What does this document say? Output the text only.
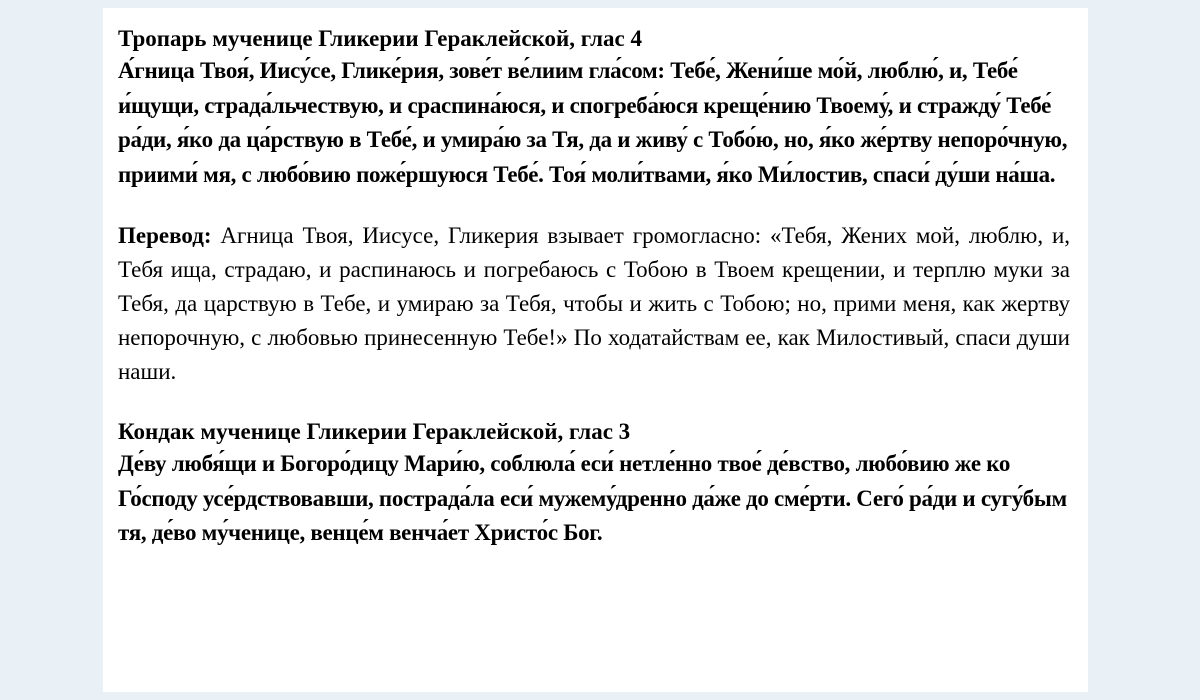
Тропарь мученице Гликерии Гераклейской, глас 4

А́гница Твоя́, Иису́се, Глике́рия, зове́т ве́лиим гла́сом: Тебе́, Жени́ше мо́й, люблю́, и, Тебе́ и́щущи, страда́льчествую, и сраспина́юся, и спогреба́юся креще́нию Твоему́, и стражду́ Тебе́ ра́ди, я́ко да ца́рствую в Тебе́, и умира́ю за Тя, да и живу́ с Тобо́ю, но, я́ко же́ртву непоро́чную, приими́ мя, с любо́вию поже́ршуюся Тебе́. Тоя́ моли́твами, я́ко Ми́лостив, спаси́ ду́ши на́ша.

Перевод: Агница Твоя, Иисусе, Гликерия взывает громогласно: «Тебя, Жених мой, люблю, и, Тебя ища, страдаю, и распинаюсь и погребаюсь с Тобою в Твоем крещении, и терплю муки за Тебя, да царствую в Тебе, и умираю за Тебя, чтобы и жить с Тобою; но, прими меня, как жертву непорочную, с любовью принесенную Тебе!» По ходатайствам ее, как Милостивый, спаси души наши.

Кондак мученице Гликерии Гераклейской, глас 3

Де́ву любя́щи и Богоро́дицу Мари́ю, соблюла́ еси́ нетле́нно твое́ де́вство, любо́вию же ко Го́споду усе́рдствовавши, пострада́ла еси́ мужему́дренно да́же до сме́рти. Сего́ ра́ди и сугу́бым тя, де́во му́ченице, венце́м венча́ет Христо́с Бог.
